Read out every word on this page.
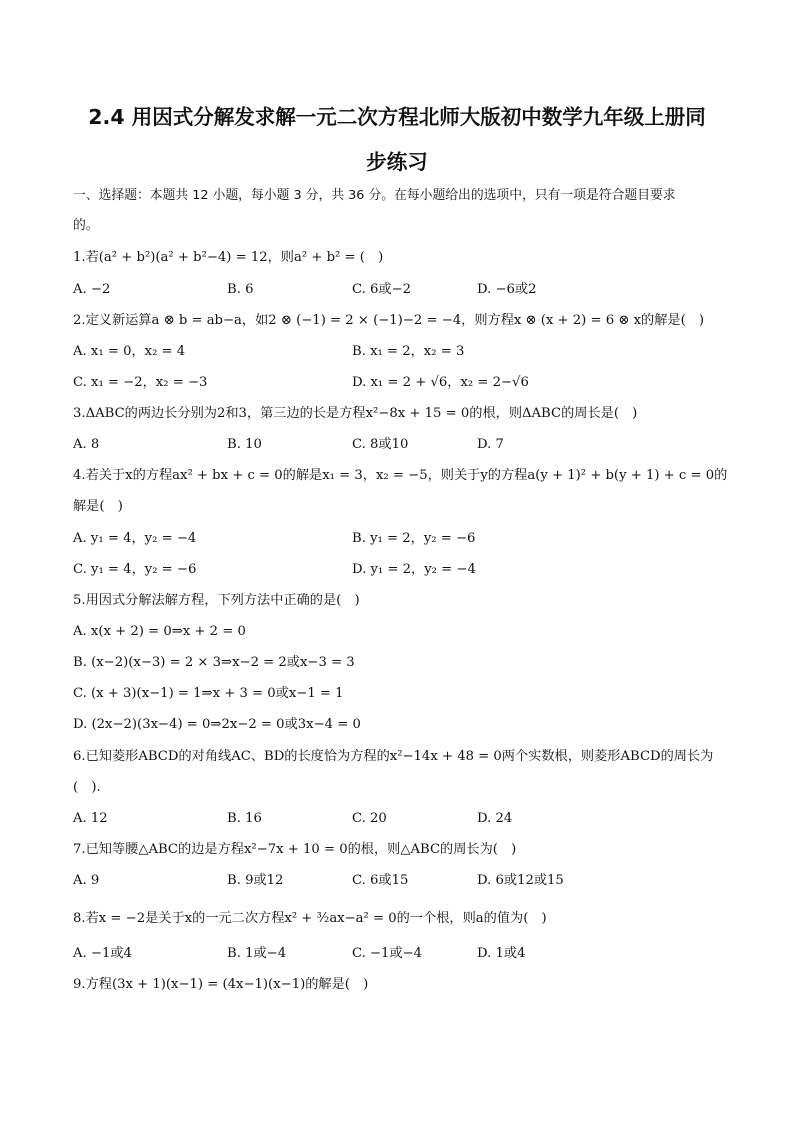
2.4 用因式分解发求解一元二次方程北师大版初中数学九年级上册同
步练习
一、选择题：本题共 12 小题，每小题 3 分，共 36 分。在每小题给出的选项中，只有一项是符合题目要求
的。
1.若(a² + b²)(a² + b²−4) = 12，则a² + b² = (　)
A. −2	B. 6	C. 6或−2	D. −6或2
2.定义新运算a ⊗ b = ab−a，如2 ⊗ (−1) = 2 × (−1)−2 = −4，则方程x ⊗ (x + 2) = 6 ⊗ x的解是(　)
A. x₁ = 0，x₂ = 4	B. x₁ = 2，x₂ = 3
C. x₁ = −2，x₂ = −3	D. x₁ = 2 + √6，x₂ = 2−√6
3.ΔABC的两边长分别为2和3，第三边的长是方程x²−8x + 15 = 0的根，则ΔABC的周长是(　)
A. 8	B. 10	C. 8或10	D. 7
4.若关于x的方程ax² + bx + c = 0的解是x₁ = 3，x₂ = −5，则关于y的方程a(y + 1)² + b(y + 1) + c = 0的
解是(　)
A. y₁ = 4，y₂ = −4	B. y₁ = 2，y₂ = −6
C. y₁ = 4，y₂ = −6	D. y₁ = 2，y₂ = −4
5.用因式分解法解方程，下列方法中正确的是(　)
A. x(x + 2) = 0⇒x + 2 = 0
B. (x−2)(x−3) = 2 × 3⇒x−2 = 2或x−3 = 3
C. (x + 3)(x−1) = 1⇒x + 3 = 0或x−1 = 1
D. (2x−2)(3x−4) = 0⇒2x−2 = 0或3x−4 = 0
6.已知菱形ABCD的对角线AC、BD的长度恰为方程的x²−14x + 48 = 0两个实数根，则菱形ABCD的周长为
(　).
A. 12	B. 16	C. 20	D. 24
7.已知等腰△ABC的边是方程x²−7x + 10 = 0的根，则△ABC的周长为(　)
A. 9	B. 9或12	C. 6或15	D. 6或12或15
8.若x = −2是关于x的一元二次方程x² + ³⁄₂ax−a² = 0的一个根，则a的值为(　)
A. −1或4	B. 1或−4	C. −1或−4	D. 1或4
9.方程(3x + 1)(x−1) = (4x−1)(x−1)的解是(　)
